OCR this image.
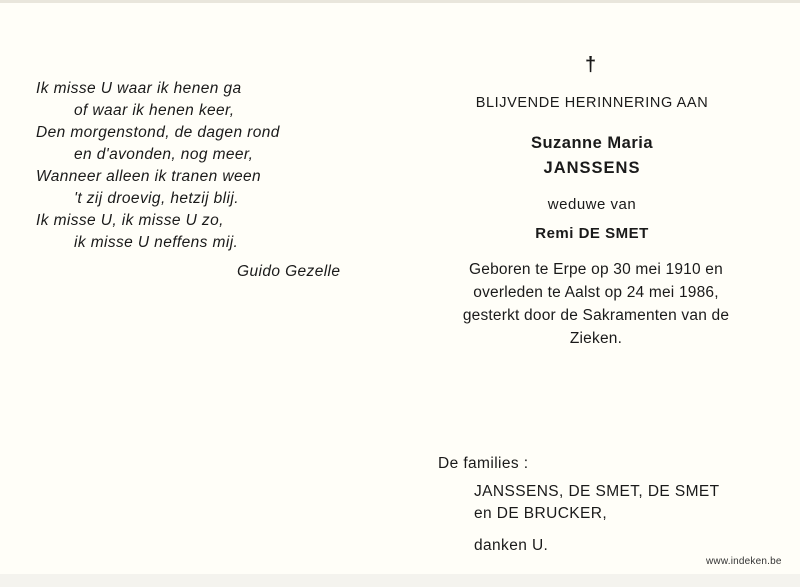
Ik misse U waar ik henen ga
of waar ik henen keer,
Den morgenstond, de dagen rond
en d'avonden, nog meer,
Wanneer alleen ik tranen ween
't zij droevig, hetzij blij.
Ik misse U, ik misse U zo,
ik misse U neffens mij.
Guido Gezelle
†
BLIJVENDE HERINNERING AAN
Suzanne Maria
JANSSENS
weduwe van
Remi DE SMET
Geboren te Erpe op 30 mei 1910 en
overleden te Aalst op 24 mei 1986,
gesterkt door de Sakramenten van de
Zieken.
De families :
JANSSENS, DE SMET, DE SMET
en DE BRUCKER,
danken U.
www.indeken.be
